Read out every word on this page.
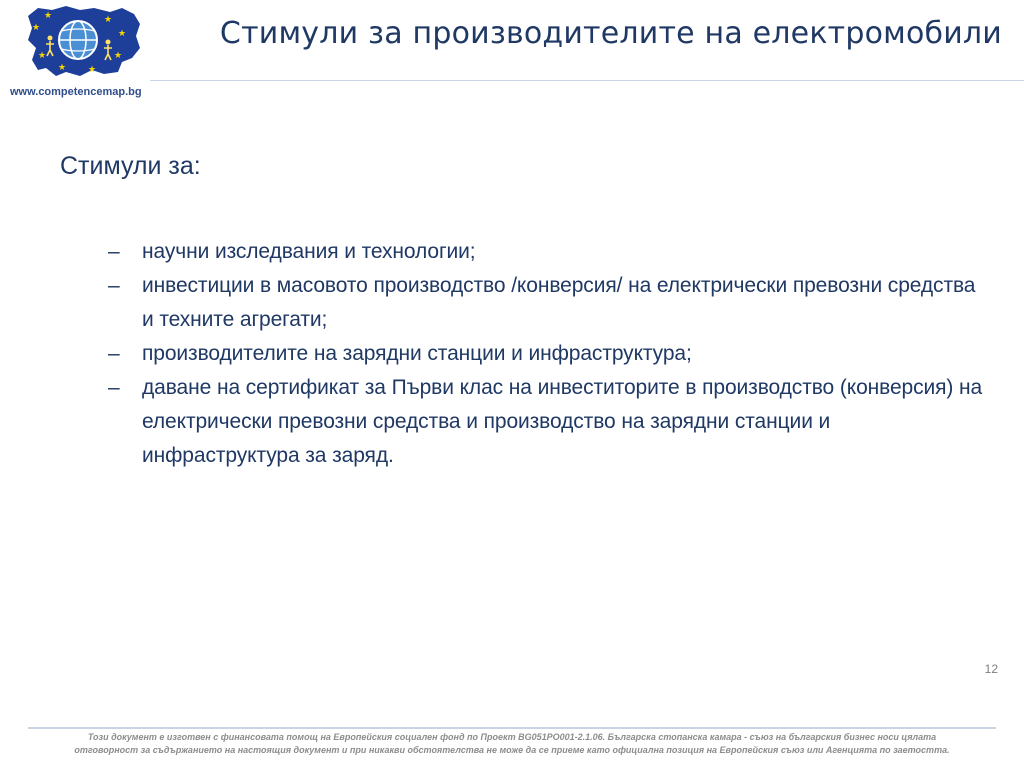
★
★	★
★
★
★
★
★
www.competencemap.bg
Стимули за производителите на електромобили

Стимули за:

– научни изследвания и технологии;
– инвестиции в масовото производство /конверсия/ на електрически превозни средства и техните агрегати;
– производителите на зарядни станции и инфраструктура;
– даване на сертификат за Първи клас на инвеститорите в производство (конверсия) на електрически превозни средства и производство на зарядни станции и инфраструктура за заряд.
12
Този документ е изготвен с финансовата помощ на Европейския социален фонд по Проект BG051PO001-2.1.06. Българска стопанска камара - съюз на българския бизнес носи цялата
отговорност за съдържанието на настоящия документ и при никакви обстоятелства не може да се приеме като официална позиция на Европейския съюз или Агенцията по заетостта.
